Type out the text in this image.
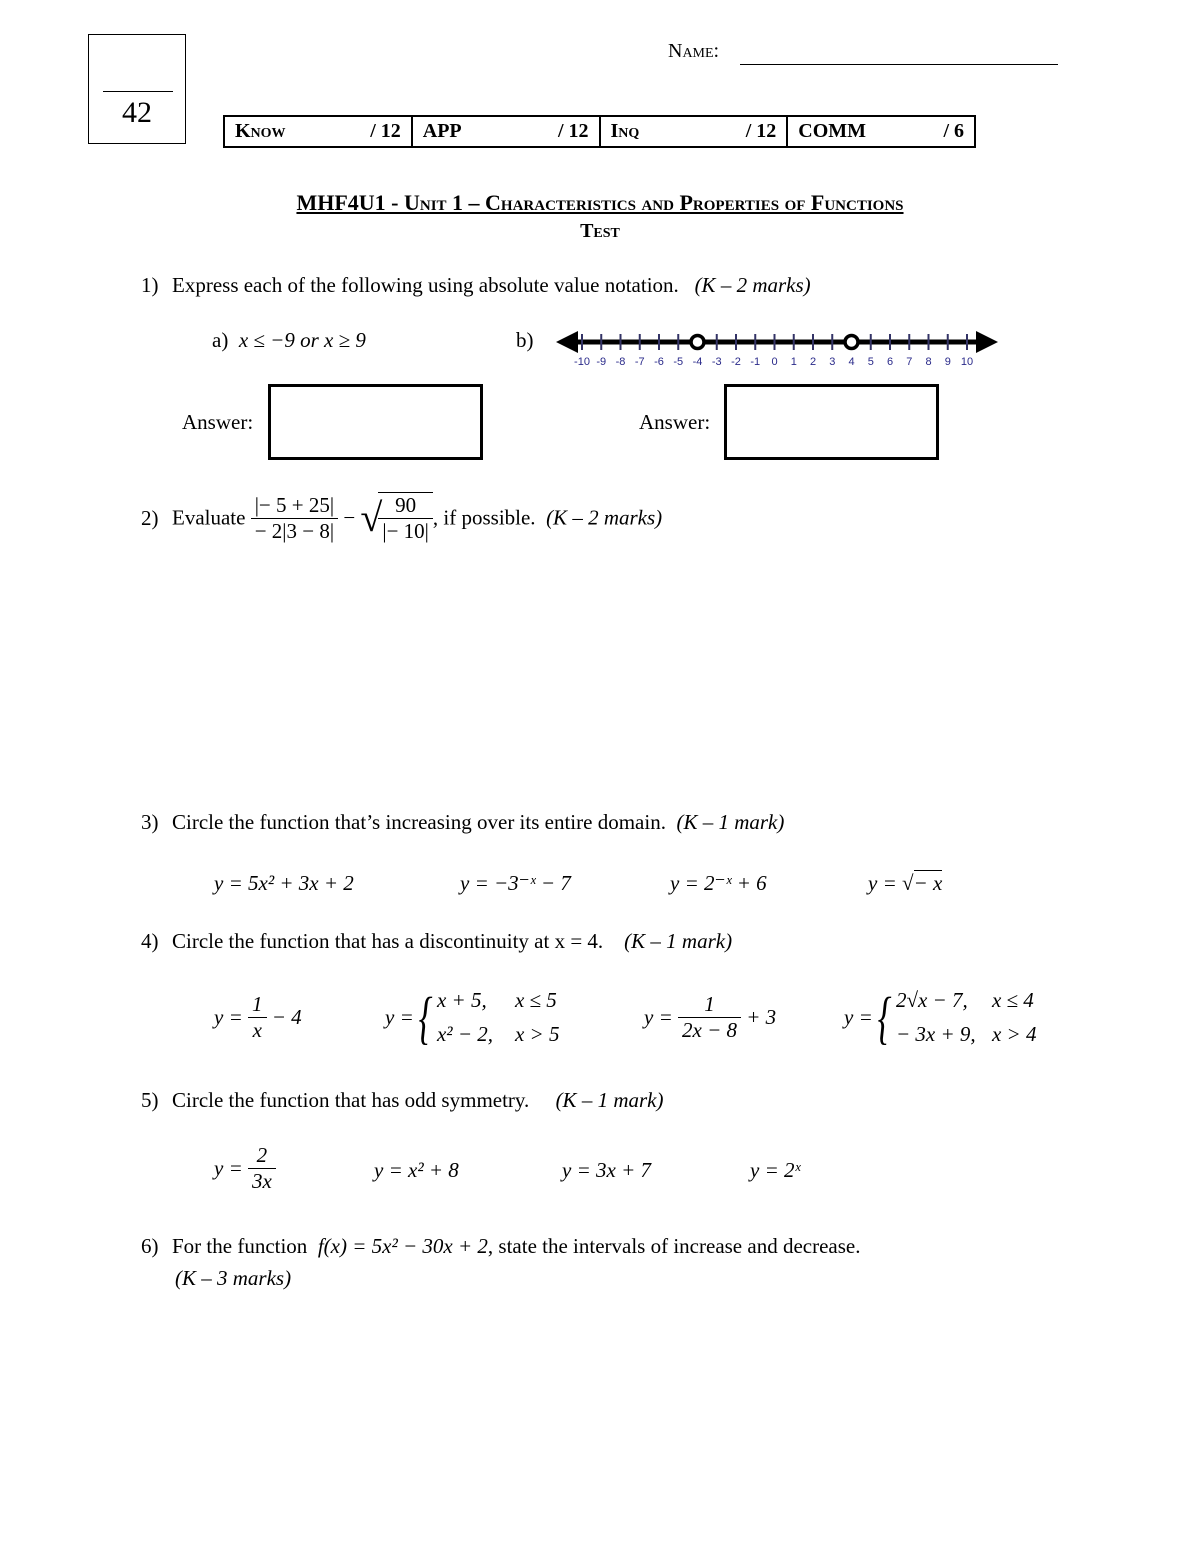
42
Name:
Know	/ 12 APP	/ 12 Inq	/ 12 COMM	/ 6
MHF4U1 - Unit 1 – Characteristics and Properties of Functions
Test
1) Express each of the following using absolute value notation. (K – 2 marks)
a) x ≤ −9 or x ≥ 9	b)
-10 -9 -8 -7 -6 -5 -4 -3 -2 -1 0 1 2 3 4 5 6 7 8 9 10
Answer:	Answer:
2) Evaluate $\frac{|- 5 + 25|}{- 2|3 - 8|}$ − √
$\frac{90}{|- 10|}$ , if possible. (K – 2 marks)
3) Circle the function that’s increasing over its entire domain. (K – 1 mark)
y = 5x² + 3x + 2	y = −3⁻ˣ − 7	y = 2⁻ˣ + 6	y = √− x
4) Circle the function that has a discontinuity at x = 4. (K – 1 mark)
$y = \frac{1}{x} - 4$	y ={ x + 5, x ≤ 5
x² − 2, x > 5
$y = \frac{1}{2x - 8} + 3$	y ={ 2√x − 7, x ≤ 4
− 3x + 9, x > 4
5) Circle the function that has odd symmetry. (K – 1 mark)
$y = \frac{2}{3x}$	y = x² + 8	y = 3x + 7	y = 2ˣ
6) For the function f(x) = 5x² − 30x + 2, state the intervals of increase and decrease.
(K – 3 marks)
